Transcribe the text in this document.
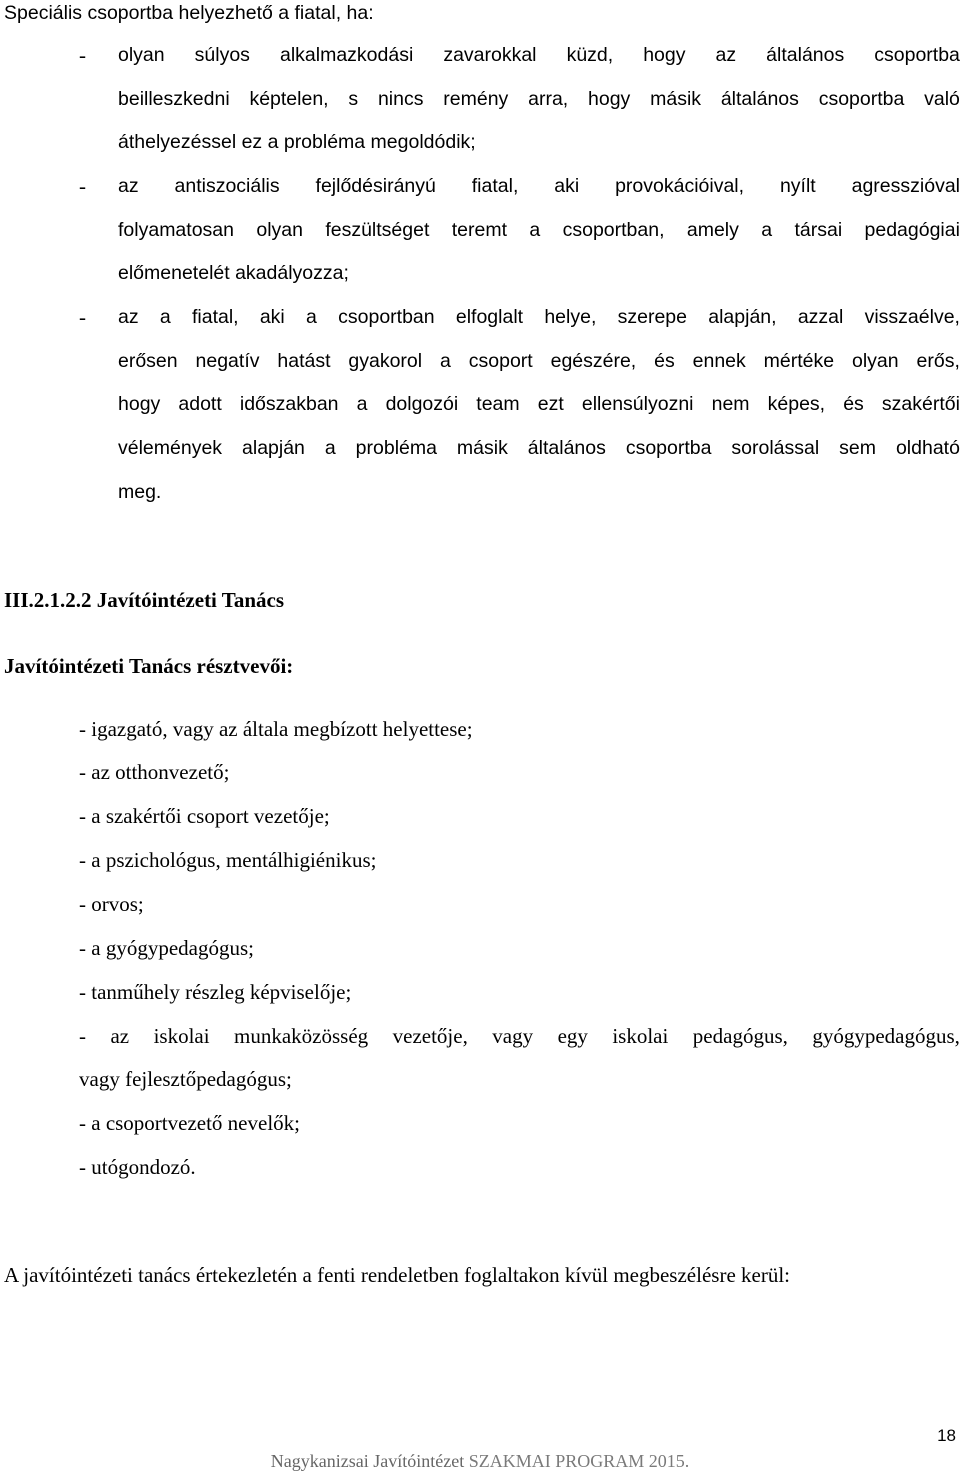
Speciális csoportba helyezhető a fiatal, ha:
- olyan súlyos alkalmazkodási zavarokkal küzd, hogy az általános csoportba
beilleszkedni képtelen, s nincs remény arra, hogy másik általános csoportba való
áthelyezéssel ez a probléma megoldódik;
- az antiszociális fejlődésirányú fiatal, aki provokációival, nyílt agresszióval
folyamatosan olyan feszültséget teremt a csoportban, amely a társai pedagógiai
előmenetelét akadályozza;
- az a fiatal, aki a csoportban elfoglalt helye, szerepe alapján, azzal visszaélve,
erősen negatív hatást gyakorol a csoport egészére, és ennek mértéke olyan erős,
hogy adott időszakban a dolgozói team ezt ellensúlyozni nem képes, és szakértői
vélemények alapján a probléma másik általános csoportba sorolással sem oldható
meg.
III.2.1.2.2 Javítóintézeti Tanács
Javítóintézeti Tanács résztvevői:
- igazgató, vagy az általa megbízott helyettese;
- az otthonvezető;
- a szakértői csoport vezetője;
- a pszichológus, mentálhigiénikus;
- orvos;
- a gyógypedagógus;
- tanműhely részleg képviselője;
- az iskolai munkaközösség vezetője, vagy egy iskolai pedagógus, gyógypedagógus,
vagy fejlesztőpedagógus;
- a csoportvezető nevelők;
- utógondozó.
A javítóintézeti tanács értekezletén a fenti rendeletben foglaltakon kívül megbeszélésre kerül:
18
Nagykanizsai Javítóintézet SZAKMAI PROGRAM 2015.
